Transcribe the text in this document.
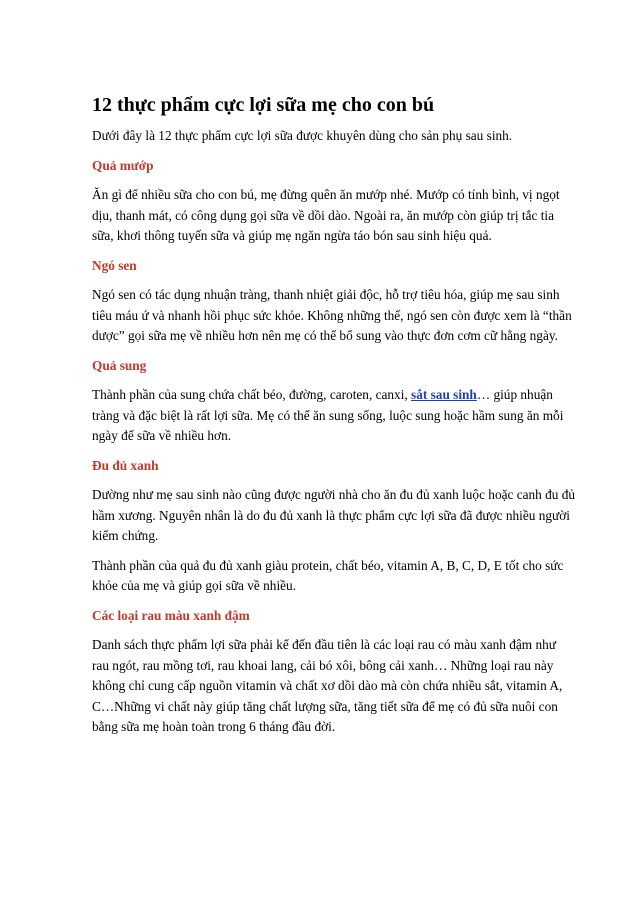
12 thực phẩm cực lợi sữa mẹ cho con bú

Dưới đây là 12 thực phẩm cực lợi sữa được khuyên dùng cho sản phụ sau sinh.

Quả mướp

Ăn gì để nhiều sữa cho con bú, mẹ đừng quên ăn mướp nhé. Mướp có tính bình, vị ngọt dịu, thanh mát, có công dụng gọi sữa về dồi dào. Ngoài ra, ăn mướp còn giúp trị tắc tia sữa, khơi thông tuyến sữa và giúp mẹ ngăn ngừa táo bón sau sinh hiệu quả.

Ngó sen

Ngó sen có tác dụng nhuận tràng, thanh nhiệt giải độc, hỗ trợ tiêu hóa, giúp mẹ sau sinh tiêu máu ứ và nhanh hồi phục sức khỏe. Không những thế, ngó sen còn được xem là “thần dược” gọi sữa mẹ về nhiều hơn nên mẹ có thể bổ sung vào thực đơn cơm cữ hằng ngày.

Quả sung

Thành phần của sung chứa chất béo, đường, caroten, canxi, sắt sau sinh… giúp nhuận tràng và đặc biệt là rất lợi sữa. Mẹ có thể ăn sung sống, luộc sung hoặc hầm sung ăn mỗi ngày để sữa về nhiều hơn.

Đu đủ xanh

Dường như mẹ sau sinh nào cũng được người nhà cho ăn đu đủ xanh luộc hoặc canh đu đủ hầm xương. Nguyên nhân là do đu đủ xanh là thực phẩm cực lợi sữa đã được nhiều người kiểm chứng.

Thành phần của quả đu đủ xanh giàu protein, chất béo, vitamin A, B, C, D, E tốt cho sức khỏe của mẹ và giúp gọi sữa về nhiều.

Các loại rau màu xanh đậm

Danh sách thực phẩm lợi sữa phải kể đến đầu tiên là các loại rau có màu xanh đậm như rau ngót, rau mồng tơi, rau khoai lang, cải bó xôi, bông cải xanh… Những loại rau này không chỉ cung cấp nguồn vitamin và chất xơ dồi dào mà còn chứa nhiều sắt, vitamin A, C…Những vi chất này giúp tăng chất lượng sữa, tăng tiết sữa để mẹ có đủ sữa nuôi con bằng sữa mẹ hoàn toàn trong 6 tháng đầu đời.
